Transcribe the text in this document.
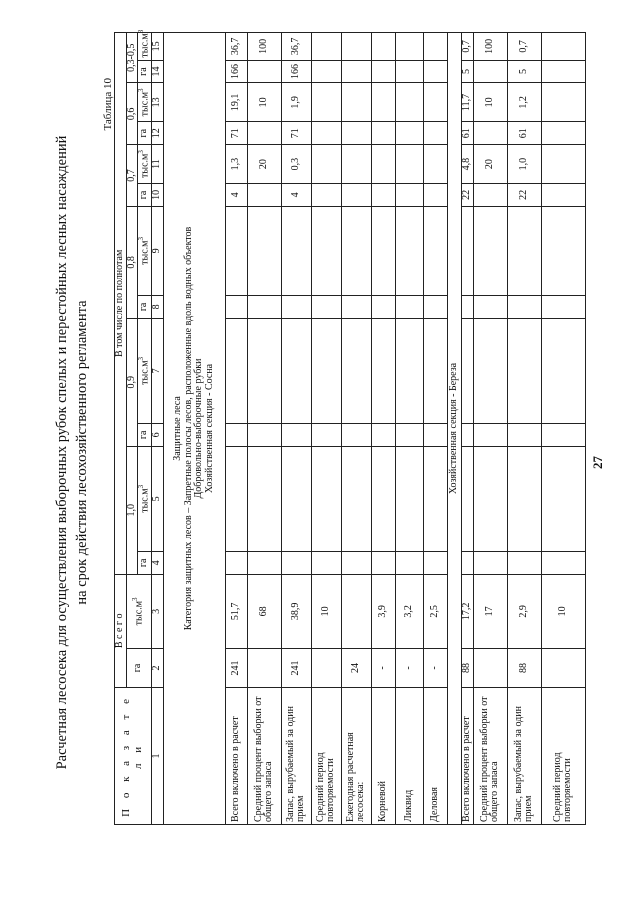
Расчетная лесосека для осуществления выборочных рубок спелых и перестойных лесных насаждений на срок действия лесохозяйственного регламента
Таблица 10
П о к а з а т е л и	В с е г о		В том числе по полнотам											
	га	$тыс.м^3$	1,0		0,9		0,8		0,7		0,6		0,3-0,5	
			га	$тыс.м^3$	га	$тыс.м^3$	га	$тыс.м^3$	га	$тыс.м^3$	га	$тыс.м^3$	га	$тыс.м^3$
1	2	3	4	5	6	7	8	9	10	11	12	13	14	15

Защитные леса Категория защитных лесов – Запретные полосы лесов, расположенные вдоль водных объектов Добровольно-выборочные рубки Хозяйственная секция - Сосна														

Всего включено в расчет	241	51,7							4	1,3	71	19,1	166	36,7
Средний процент выборки от общего запаса		68								20		10		100
Запас, вырубаемый за один прием	241	38,9							4	0,3	71	1,9	166	36,7
Средний период повторяемости		10												
Ежегодная расчетная лесосека:	24													
Корневой	-	3,9												
Ликвид	-	3,2												
Деловая	-	2,5												
Хозяйственная секция - Береза														
Всего включено в расчет	88	17,2							22	4,8	61	11,7	5	0,7
Средний процент выборки от общего запаса		17								20		10		100
Запас, вырубаемый за один прием	88	2,9							22	1,0	61	1,2	5	0,7
Средний период повторяемости		10												
27
